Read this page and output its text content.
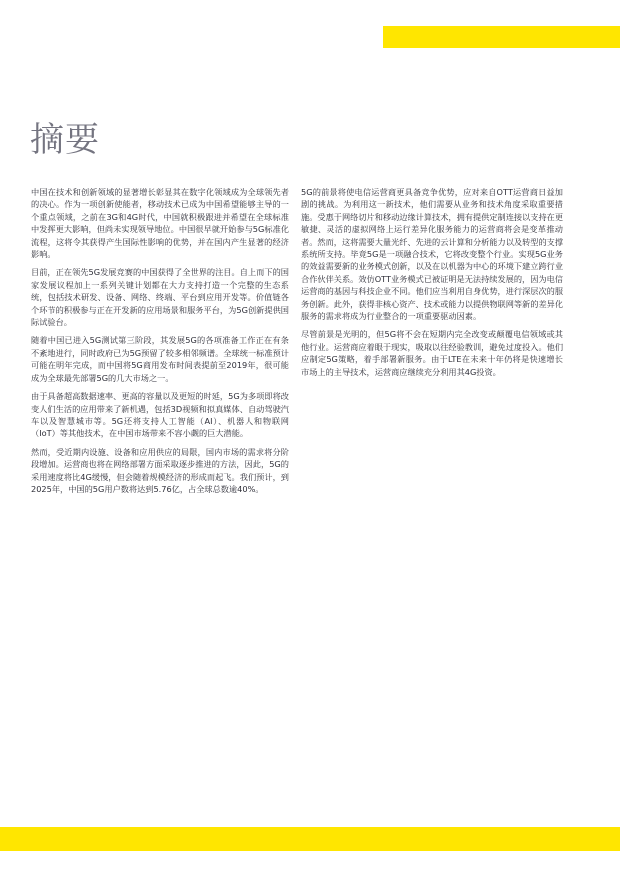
摘要

中国在技术和创新领域的显著增长彰显其在数字化领域成为全球领先者的决心。作为一项创新使能者，移动技术已成为中国希望能够主导的一个重点领域，之前在3G和4G时代，中国就积极跟进并希望在全球标准中发挥更大影响，但尚未实现领导地位。中国很早就开始参与5G标准化流程，这将令其获得产生国际性影响的优势，并在国内产生显著的经济影响。

目前，正在领先5G发展竞赛的中国获得了全世界的注目。自上而下的国家发展议程加上一系列关键计划都在大力支持打造一个完整的生态系统，包括技术研发、设备、网络、终端、平台到应用开发等。价值链各个环节的积极参与正在开发新的应用场景和服务平台，为5G创新提供国际试验台。

随着中国已进入5G测试第三阶段，其发展5G的各项准备工作正在有条不紊地进行，同时政府已为5G预留了较多相邻频谱。全球统一标准预计可能在明年完成，而中国将5G商用发布时间表提前至2019年，很可能成为全球最先部署5G的几大市场之一。

由于具备超高数据速率、更高的容量以及更短的时延，5G为多项即将改变人们生活的应用带来了新机遇，包括3D视频和拟真媒体、自动驾驶汽车以及智慧城市等。5G还将支持人工智能（AI）、机器人和物联网（IoT）等其他技术，在中国市场带来不容小觑的巨大潜能。

然而，受近期内设施、设备和应用供应的局限，国内市场的需求将分阶段增加。运营商也将在网络部署方面采取逐步推进的方法，因此，5G的采用速度将比4G缓慢，但会随着规模经济的形成而起飞。我们预计，到2025年，中国的5G用户数将达到5.76亿，占全球总数逾40%。

5G的前景将使电信运营商更具备竞争优势，应对来自OTT运营商日益加剧的挑战。为利用这一新技术，他们需要从业务和技术角度采取重要措施。受惠于网络切片和移动边缘计算技术，拥有提供定制连接以支持在更敏捷、灵活的虚拟网络上运行差异化服务能力的运营商将会是变革推动者。然而，这将需要大量光纤、先进的云计算和分析能力以及转型的支撑系统所支持。毕竟5G是一项融合技术，它将改变整个行业。实现5G业务的效益需要新的业务模式创新，以及在以机器为中心的环境下建立跨行业合作伙伴关系。效仿OTT业务模式已被证明是无法持续发展的，因为电信运营商的基因与科技企业不同。他们应当利用自身优势，进行深层次的服务创新。此外，获得非核心资产、技术或能力以提供物联网等新的差异化服务的需求将成为行业整合的一项重要驱动因素。

尽管前景是光明的，但5G将不会在短期内完全改变或颠覆电信领域或其他行业。运营商应着眼于现实，吸取以往经验教训，避免过度投入。他们应制定5G策略，着手部署新服务。由于LTE在未来十年仍将是快速增长市场上的主导技术，运营商应继续充分利用其4G投资。
